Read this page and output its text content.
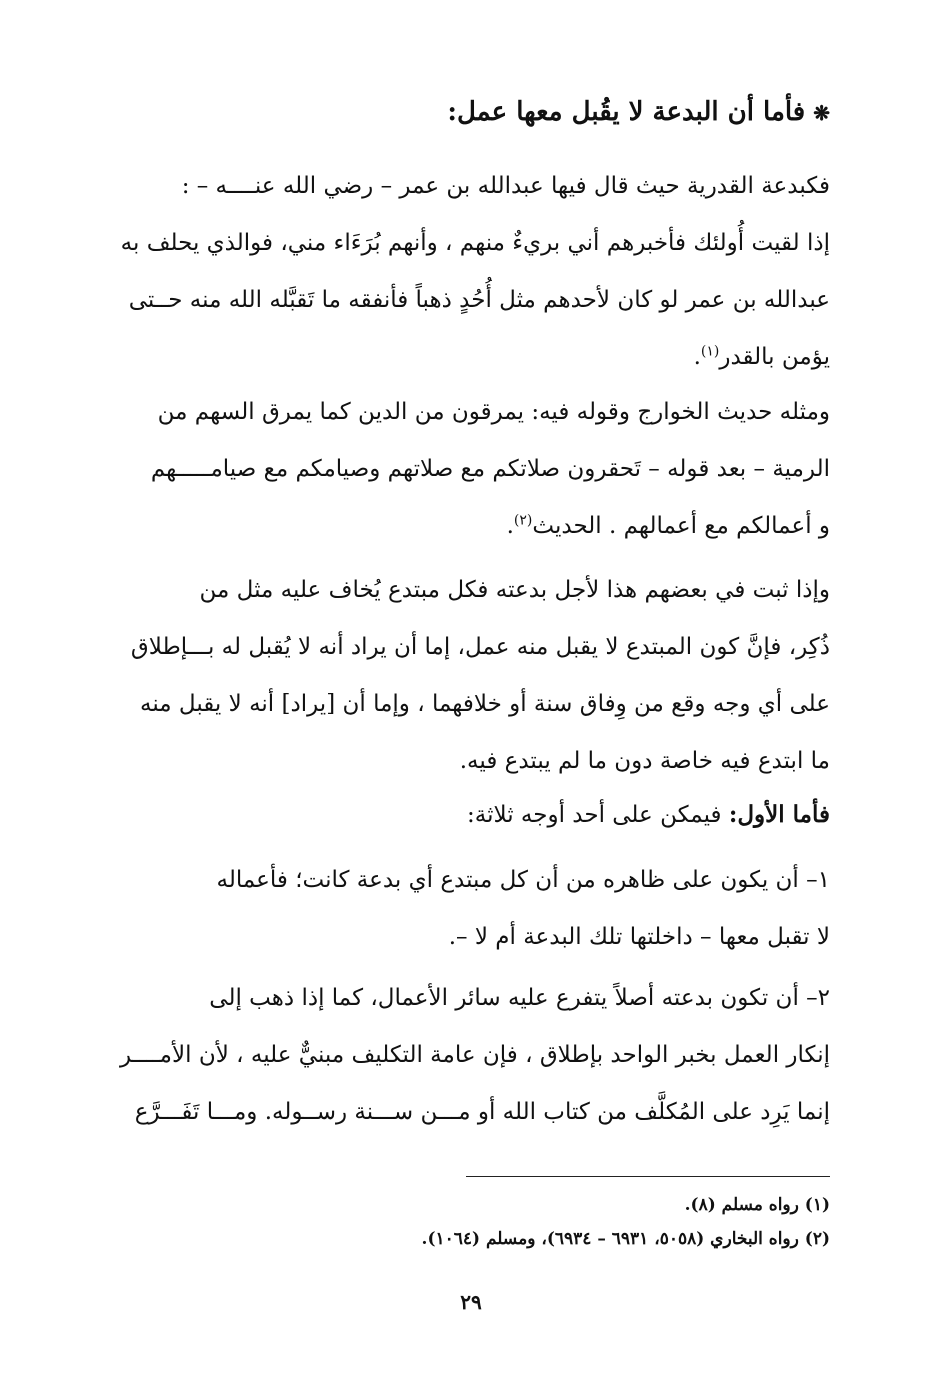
❋فأما أن البدعة لا يقُبل معها عمل:
فكبدعة القدرية حيث قال فيها عبدالله بن عمر – رضي الله عنــــه – :
إذا لقيت أُولئك فأخبرهم أني بريءٌ منهم ، وأنهم بُرَءَاء مني، فوالذي يحلف به
عبدالله بن عمر لو كان لأحدهم مثل أُحُدٍ ذهباً فأنفقه ما تَقبَّله الله منه حــتى
يؤمن بالقدر$^{(١)}$.
ومثله حديث الخوارج وقوله فيه: يمرقون من الدين كما يمرق السهم من
الرمية – بعد قوله – تَحقرون صلاتكم مع صلاتهم وصيامكم مع صيامـــــهم
و أعمالكم مع أعمالهم . الحديث$^{(٢)}$.
وإذا ثبت في بعضهم هذا لأجل بدعته فكل مبتدع يُخاف عليه مثل من
ذُكِر، فإنَّ كون المبتدع لا يقبل منه عمل، إما أن يراد أنه لا يُقبل له بـــإطلاق
على أي وجه وقع من وِفاق سنة أو خلافهما ، وإما أن [يراد] أنه لا يقبل منه
ما ابتدع فيه خاصة دون ما لم يبتدع فيه.
فأما الأول: فيمكن على أحد أوجه ثلاثة:
١– أن يكون على ظاهره من أن كل مبتدع أي بدعة كانت؛ فأعماله
لا تقبل معها – داخلتها تلك البدعة أم لا –.
٢– أن تكون بدعته أصلاً يتفرع عليه سائر الأعمال، كما إذا ذهب إلى
إنكار العمل بخبر الواحد بإطلاق ، فإن عامة التكليف مبنيٌّ عليه ، لأن الأمــــر
إنما يَرِد على المُكلَّف من كتاب الله أو مـــن ســـنة رســوله. ومـــا تَفَـــرَّع
(١) رواه مسلم (٨).
(٢) رواه البخاري (٥٠٥٨، ٦٩٣١ – ٦٩٣٤)، ومسلم (١٠٦٤).
٢٩
